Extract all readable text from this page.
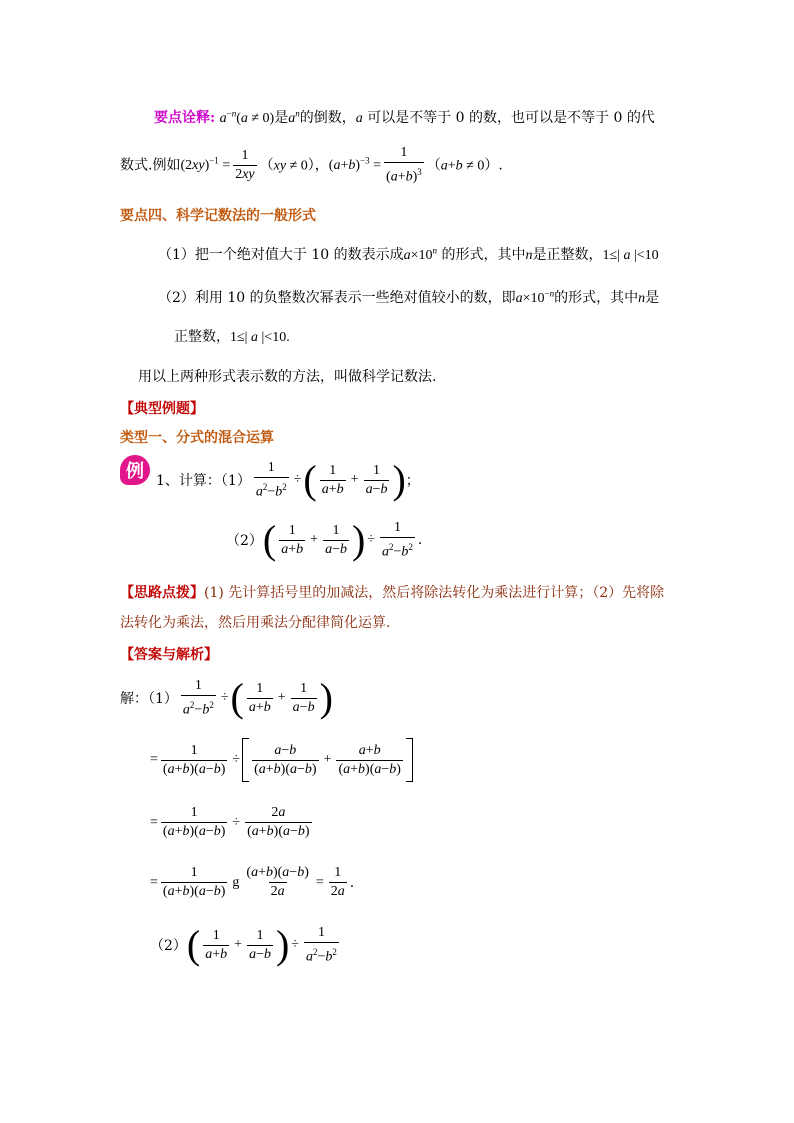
要点诠释: $a^{-n}(a \ne 0)$是$a^n$的倒数，a 可以是不等于 0 的数，也可以是不等于 0 的代
数式.例如$(2xy)^{-1} = \frac{1}{2xy} (xy \ne 0)$，$(a+b)^{-3} = \frac{1}{(a+b)^3} (a+b \ne 0)$.
要点四、科学记数法的一般形式
（1）把一个绝对值大于 10 的数表示成$a\times 10^n$ 的形式，其中n是正整数，1≤| a |<10
（2）利用 10 的负整数次幂表示一些绝对值较小的数，即$a\times 10^{-n}$的形式，其中n是
正整数，1≤| a |<10.
用以上两种形式表示数的方法，叫做科学记数法.
【典型例题】
类型一、分式的混合运算
例 1、计算：$(1) \frac{1}{a^2-b^2}$ ÷ ( $\frac{1}{a+b} + \frac{1}{a-b}$ ) ；
（2） ( $\frac{1}{a+b} + \frac{1}{a-b}$ ) ÷ $\frac{1}{a^2-b^2}$ .
【思路点拨】(1) 先计算括号里的加减法，然后将除法转化为乘法进行计算；（2）先将除
法转化为乘法，然后用乘法分配律简化运算.
【答案与解析】
解：$(1) \frac{1}{a^2-b^2}$ ÷ ( $\frac{1}{a+b} + \frac{1}{a-b}$ )
= $\frac{1}{(a+b)(a-b)} \div \frac{a-b}{(a+b)(a-b)} + \frac{a+b}{(a+b)(a-b)}$
= $\frac{1}{(a+b)(a-b)} \div \frac{2a}{(a+b)(a-b)}$
= $\frac{1}{(a+b)(a-b)}$ g $\frac{(a+b)(a-b)}{2a} = \frac{1}{2a}$ .
（2） ( $\frac{1}{a+b} + \frac{1}{a-b}$ ) ÷ $\frac{1}{a^2-b^2}$
